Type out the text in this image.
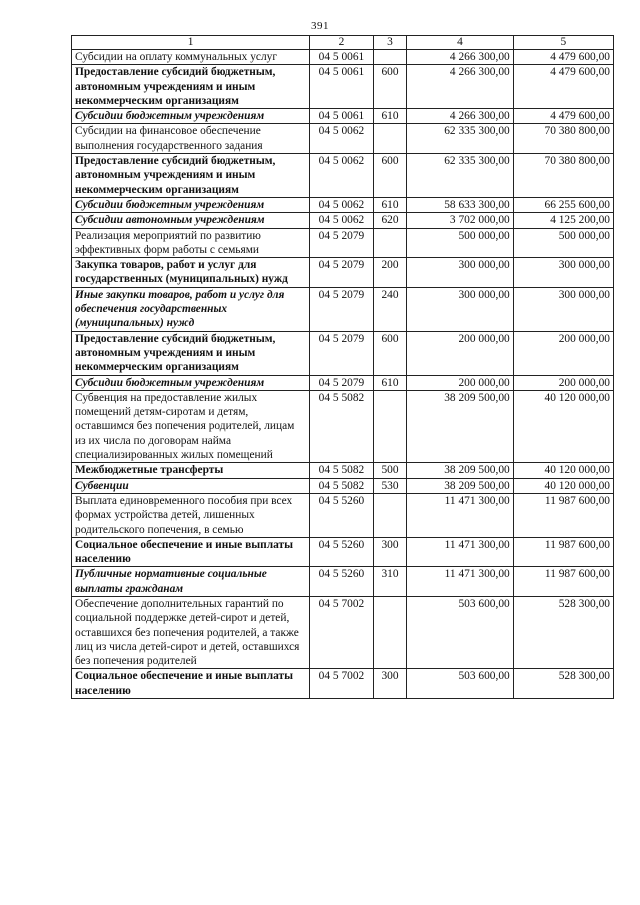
391
1	2	3	4	5
Субсидии на оплату коммунальных услуг	04 5 0061		4 266 300,00	4 479 600,00
Предоставление субсидий бюджетным, автономным учреждениям и иным некоммерческим организациям	04 5 0061	600	4 266 300,00	4 479 600,00
Субсидии бюджетным учреждениям	04 5 0061	610	4 266 300,00	4 479 600,00
Субсидии на финансовое обеспечение выполнения государственного задания	04 5 0062		62 335 300,00	70 380 800,00
Предоставление субсидий бюджетным, автономным учреждениям и иным некоммерческим организациям	04 5 0062	600	62 335 300,00	70 380 800,00
Субсидии бюджетным учреждениям	04 5 0062	610	58 633 300,00	66 255 600,00
Субсидии автономным учреждениям	04 5 0062	620	3 702 000,00	4 125 200,00
Реализация мероприятий по развитию эффективных форм работы с семьями	04 5 2079		500 000,00	500 000,00
Закупка товаров, работ и услуг для государственных (муниципальных) нужд	04 5 2079	200	300 000,00	300 000,00
Иные закупки товаров, работ и услуг для обеспечения государственных (муниципальных) нужд	04 5 2079	240	300 000,00	300 000,00
Предоставление субсидий бюджетным, автономным учреждениям и иным некоммерческим организациям	04 5 2079	600	200 000,00	200 000,00
Субсидии бюджетным учреждениям	04 5 2079	610	200 000,00	200 000,00
Субвенция на предоставление жилых помещений детям-сиротам и детям, оставшимся без попечения родителей, лицам из их числа по договорам найма специализированных жилых помещений	04 5 5082		38 209 500,00	40 120 000,00
Межбюджетные трансферты	04 5 5082	500	38 209 500,00	40 120 000,00
Субвенции	04 5 5082	530	38 209 500,00	40 120 000,00
Выплата единовременного пособия при всех формах устройства детей, лишенных родительского попечения, в семью	04 5 5260		11 471 300,00	11 987 600,00
Социальное обеспечение и иные выплаты населению	04 5 5260	300	11 471 300,00	11 987 600,00
Публичные нормативные социальные выплаты гражданам	04 5 5260	310	11 471 300,00	11 987 600,00
Обеспечение дополнительных гарантий по социальной поддержке детей-сирот и детей, оставшихся без попечения родителей, а также лиц из числа детей-сирот и детей, оставшихся без попечения родителей	04 5 7002		503 600,00	528 300,00
Социальное обеспечение и иные выплаты населению	04 5 7002	300	503 600,00	528 300,00
